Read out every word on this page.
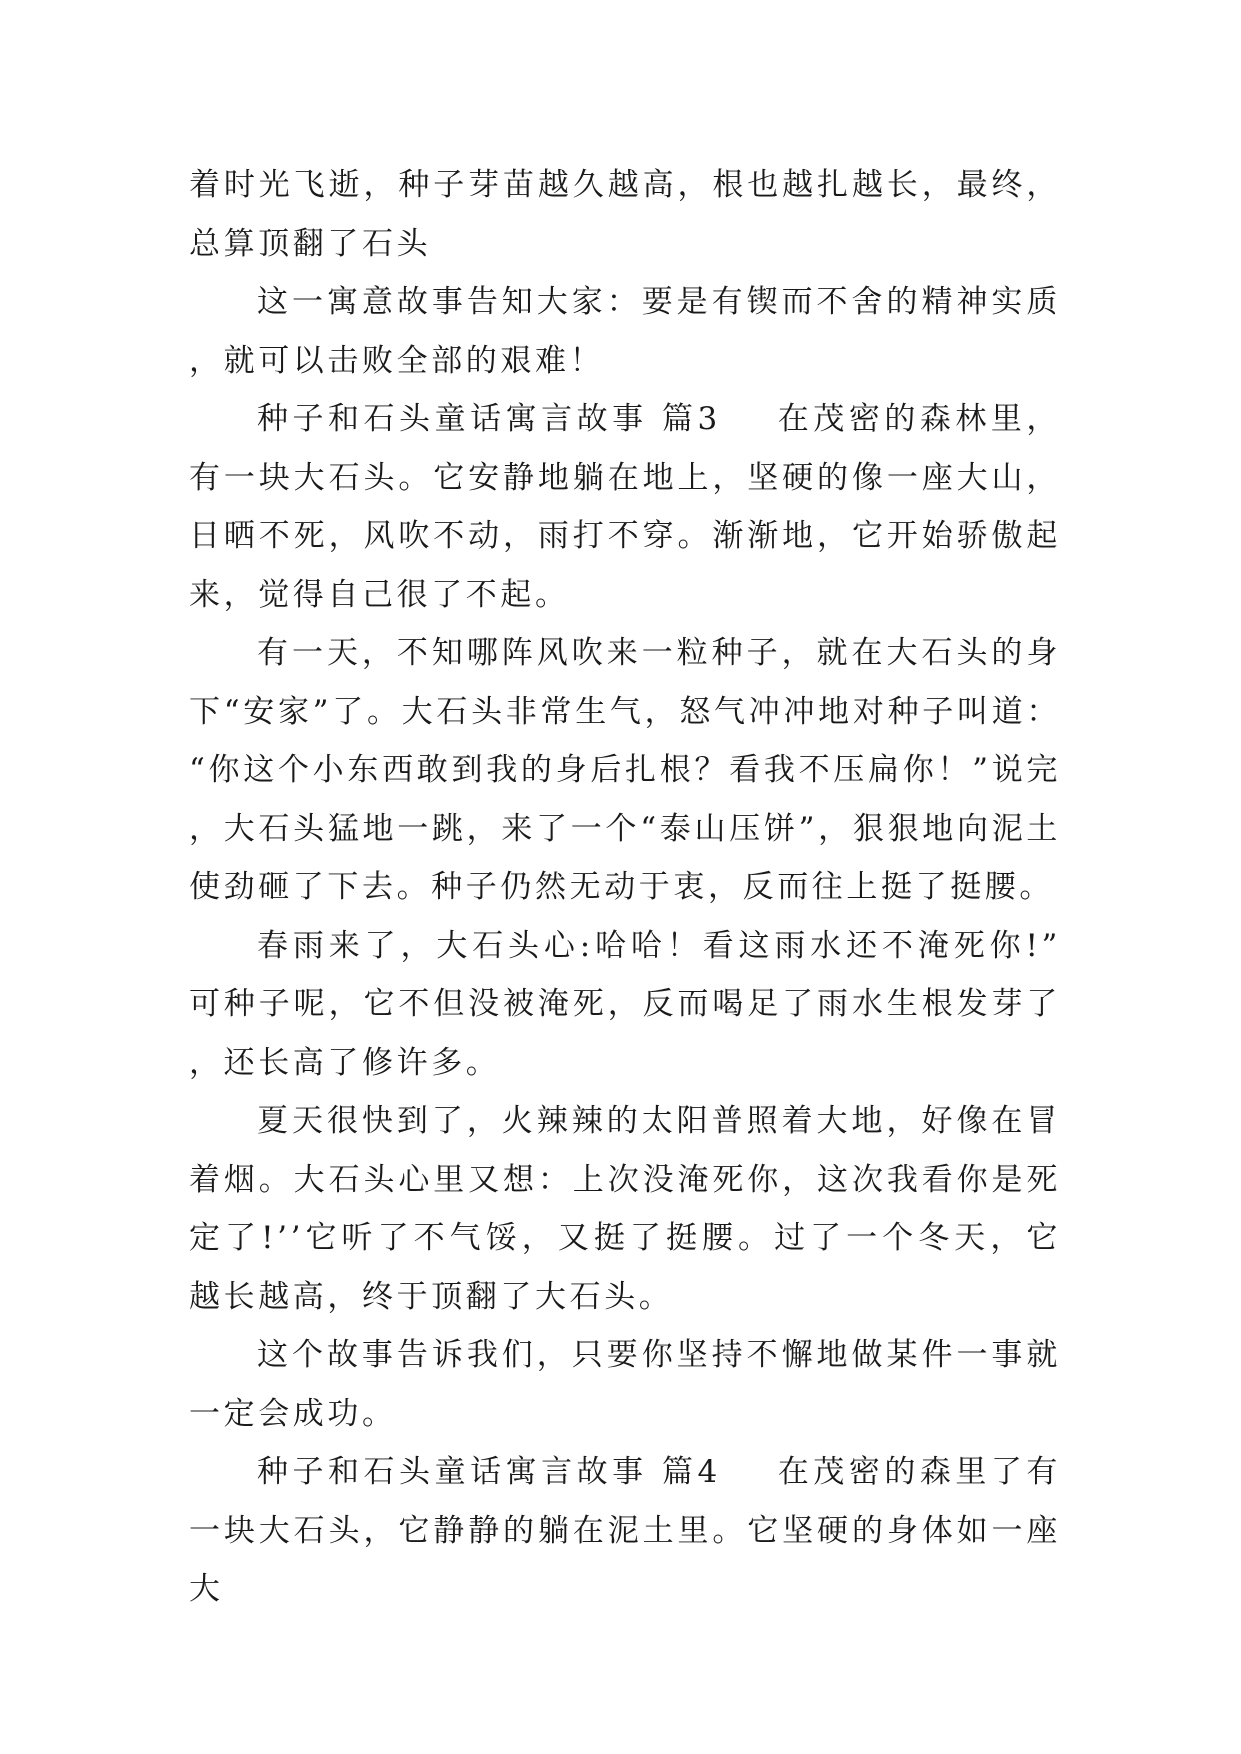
着时光飞逝，种子芽苗越久越高，根也越扎越长，最终，总算顶翻了石头

这一寓意故事告知大家：要是有锲而不舍的精神实质，就可以击败全部的艰难！

种子和石头童话寓言故事 篇3 在茂密的森林里，有一块大石头。它安静地躺在地上，坚硬的像一座大山，日晒不死，风吹不动，雨打不穿。渐渐地，它开始骄傲起来，觉得自己很了不起。

有一天，不知哪阵风吹来一粒种子，就在大石头的身下“安家”了。大石头非常生气，怒气冲冲地对种子叫道：“你这个小东西敢到我的身后扎根？看我不压扁你！”说完，大石头猛地一跳，来了一个“泰山压饼”，狠狠地向泥土使劲砸了下去。种子仍然无动于衷，反而往上挺了挺腰。

春雨来了，大石头心:哈哈！看这雨水还不淹死你!”可种子呢，它不但没被淹死，反而喝足了雨水生根发芽了，还长高了修许多。

夏天很快到了，火辣辣的太阳普照着大地，好像在冒着烟。大石头心里又想：上次没淹死你，这次我看你是死定了!’’它听了不气馁，又挺了挺腰。过了一个冬天，它越长越高，终于顶翻了大石头。

这个故事告诉我们，只要你坚持不懈地做某件一事就一定会成功。

种子和石头童话寓言故事 篇4 在茂密的森里了有一块大石头，它静静的躺在泥土里。它坚硬的身体如一座大
